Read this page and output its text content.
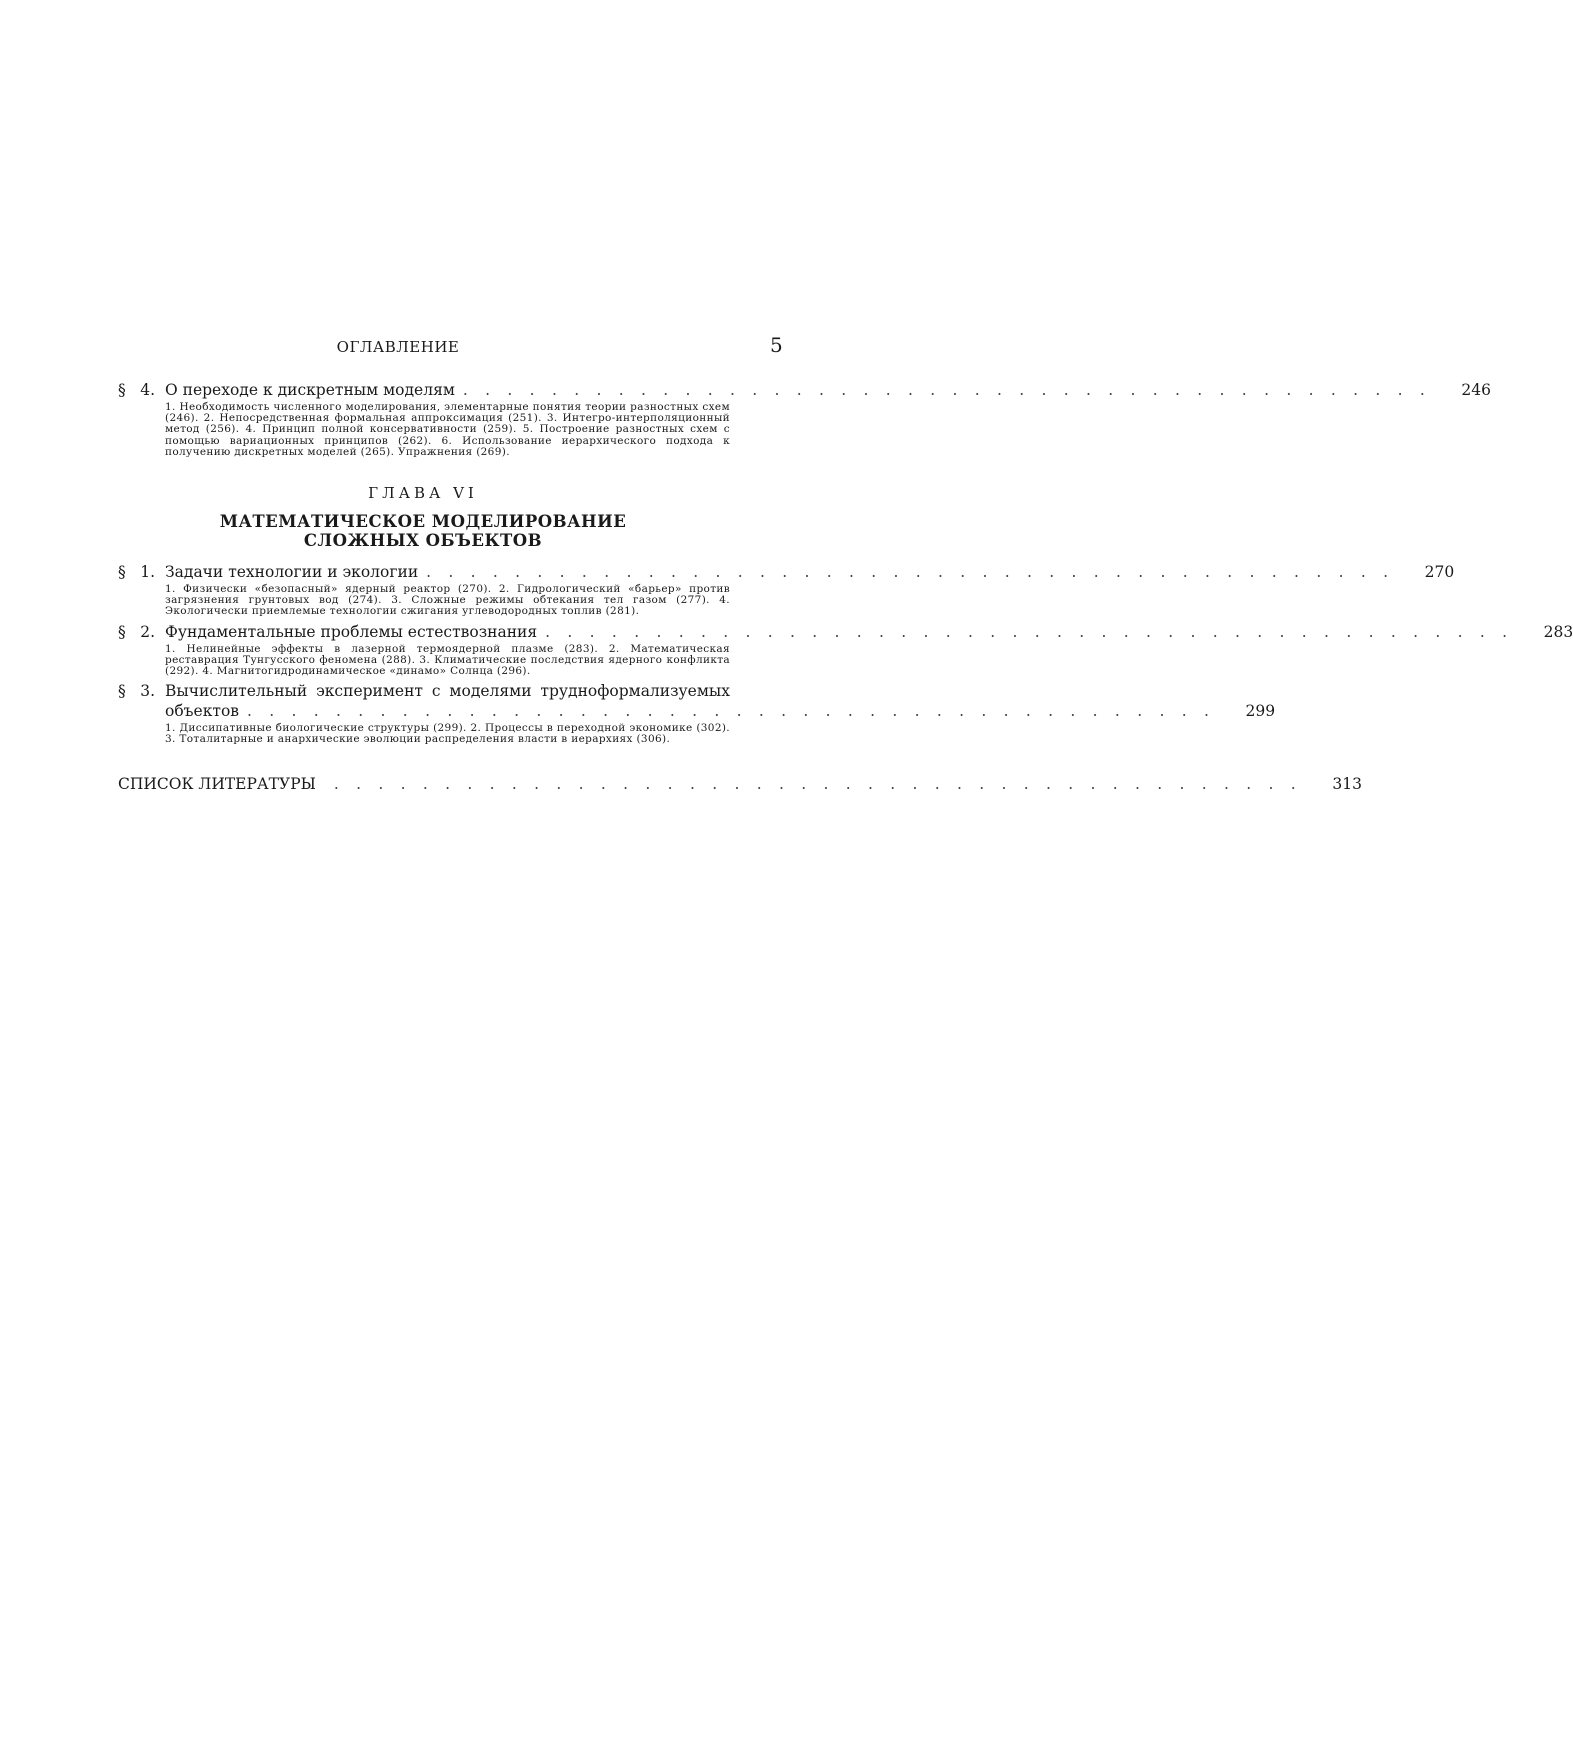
ОГЛАВЛЕНИЕ	5
§ 4. О переходе к дискретным моделям . . . . . . . . . . . . . . . . . . . . . . . . . . . . . . . . . . . . . . . . . . . .	246
1. Необходимость численного моделирования, элементарные понятия теории разностных схем (246). 2. Непосредственная формальная аппроксимация (251). 3. Интегро-интерполяционный метод (256). 4. Принцип полной консервативности (259). 5. Построение разностных схем с помощью вариационных принципов (262). 6. Использование иерархического подхода к получению дискретных моделей (265). Упражнения (269).
ГЛАВА VI
МАТЕМАТИЧЕСКОЕ МОДЕЛИРОВАНИЕ
СЛОЖНЫХ ОБЪЕКТОВ
§ 1. Задачи технологии и экологии . . . . . . . . . . . . . . . . . . . . . . . . . . . . . . . . . . . . . . . . . . . .	270
1. Физически «безопасный» ядерный реактор (270). 2. Гидрологический «барьер» против загрязнения грунтовых вод (274). 3. Сложные режимы обтекания тел газом (277). 4. Экологически приемлемые технологии сжигания углеводородных топлив (281).
§ 2. Фундаментальные проблемы естествознания . . . . . . . . . . . . . . . . . . . . . . . . . . . . . . . . . . . . . . . . . . . .	283
1. Нелинейные эффекты в лазерной термоядерной плазме (283). 2. Математическая реставрация Тунгусского феномена (288). 3. Климатические последствия ядерного конфликта (292). 4. Магнитогидродинамическое «динамо» Солнца (296).
§ 3. Вычислительный эксперимент с моделями трудноформализуемых
объектов . . . . . . . . . . . . . . . . . . . . . . . . . . . . . . . . . . . . . . . . . . . .	299
1. Диссипативные биологические структуры (299). 2. Процессы в переходной экономике (302). 3. Тоталитарные и анархические эволюции распределения власти в иерархиях (306).
СПИСОК ЛИТЕРАТУРЫ	. . . . . . . . . . . . . . . . . . . . . . . . . . . . . . . . . . . . . . . . . . . .	313
